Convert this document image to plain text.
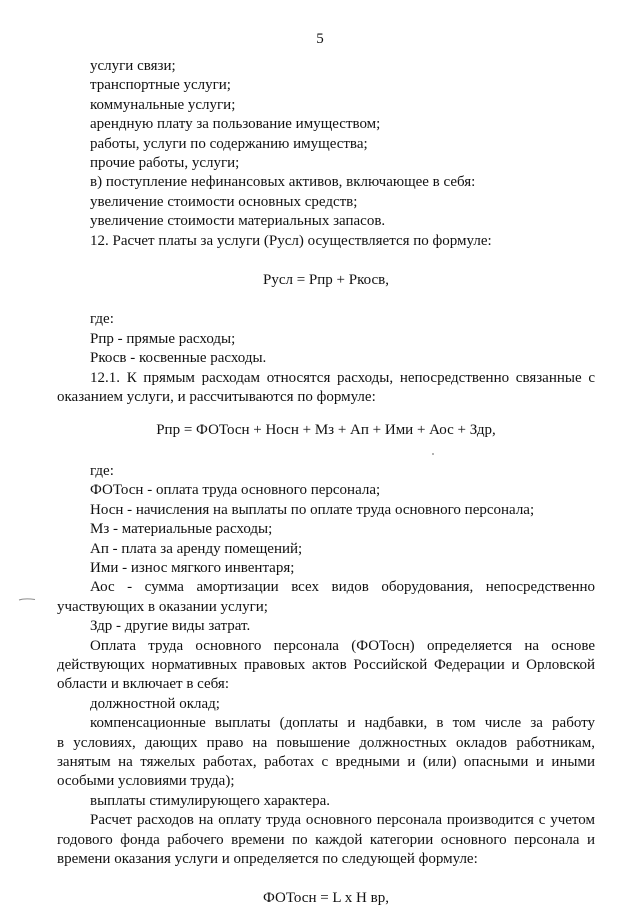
5
услуги связи;
транспортные услуги;
коммунальные услуги;
арендную плату за пользование имуществом;
работы, услуги по содержанию имущества;
прочие работы, услуги;
в) поступление нефинансовых активов, включающее в себя:
увеличение стоимости основных средств;
увеличение стоимости материальных запасов.
12. Расчет платы за услуги (Русл) осуществляется по формуле:
Русл = Рпр + Ркосв,
где:
Рпр - прямые расходы;
Ркосв - косвенные расходы.
12.1. К прямым расходам относятся расходы, непосредственно связанные с
оказанием услуги, и рассчитываются по формуле:
Рпр = ФОТосн + Носн + Мз + Ап + Ими + Аос + Здр,
где:
ФОТосн - оплата труда основного персонала;
Носн - начисления на выплаты по оплате труда основного персонала;
Мз - материальные расходы;
Ап - плата за аренду помещений;
Ими - износ мягкого инвентаря;
Аос - сумма амортизации всех видов оборудования, непосредственно
участвующих в оказании услуги;
Здр - другие виды затрат.
Оплата труда основного персонала (ФОТосн) определяется на основе
действующих нормативных правовых актов Российской Федерации и Орловской
области и включает в себя:
должностной оклад;
компенсационные выплаты (доплаты и надбавки, в том числе за работу
в условиях, дающих право на повышение должностных окладов работникам,
занятым на тяжелых работах, работах с вредными и (или) опасными и иными
особыми условиями труда);
выплаты стимулирующего характера.
Расчет расходов на оплату труда основного персонала производится с учетом
годового фонда рабочего времени по каждой категории основного персонала и
времени оказания услуги и определяется по следующей формуле:
ФОТосн = L x H вр,
